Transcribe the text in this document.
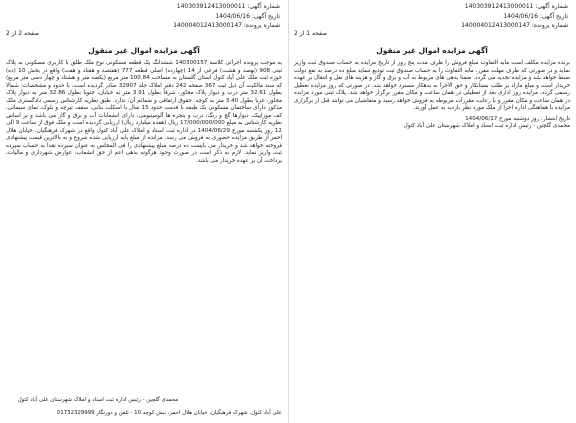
شماره آگهی: 140303912413000011
تاریخ آگهی: 1404/06/16
شماره پرونده: 140004012413000147
صفحه 1 از 2
آگهی مزایده اموال غیر منقول
برنده مزایده مکلف است مابه التفاوت مبلغ فروش را ظرف مدت پنج روز از تاریخ مزایده به حساب صندوق ثبت واریز نماید و در صورتی که ظرف مهلت مقرر، مابه التفاوت را به حساب صندوق ثبت تودیع ننماید مبلغ ده درصد به نفع دولت ضبط خواهد شد و مزایده تجدید می گردد. ضمنا بدهی های مربوط به آب و برق و گاز و هزینه های نقل و انتقال بر عهده خریدار است و مبلغ مازاد بر طلب بستانکار و حق الاجرا به بدهکار مسترد خواهد شد. در صورتی که روز مزایده تعطیل رسمی گردد، مزایده روز اداری بعد از تعطیلی در همان ساعت و مکان مقرر برگزار خواهد شد. پلاک ثبتی مورد مزایده در همان ساعت و مکان مقرر و با رعایت مقررات مربوطه به فروش خواهد رسید و متقاضیان می توانند قبل از برگزاری مزایده با هماهنگی اداره اجرا از ملک مورد نظر بازدید به عمل آورند.
تاریخ انتشار: روز دوشنبه مورخ 1404/06/17
محمدی گلچین - رئیس اداره ثبت اسناد و املاک شهرستان علی آباد کتول
شماره آگهی: 140303912413000011
تاریخ آگهی: 1404/06/16
شماره پرونده: 140004012413000147
صفحه 2 از 2
آگهی مزایده اموال غیر منقول
به موجب پرونده اجرائی کلاسه 140300157 ششدانگ یک قطعه مسکونی نوع ملک طلق با کاربری مسکونی به پلاک ثبتی 908 (نهصد و هشت) فرعی از 14 (چهارده) اصلی قطعه 777 (هفتصد و هفتاد و هفت) واقع در بخش 10 (ده) حوزه ثبت ملک علی آباد کتول استان گلستان به مساحت 100.84 متر مربع (یکصد متر و هشتاد و چهار دسی متر مربع) که سند مالکیت آن ذیل ثبت 367 صفحه 242 دفتر املاک جلد 32907 صادر گردیده است، با حدود و مشخصات: شمالا بطول 32.61 متر درب و دیوار پلاک مجاور، شرقا بطول 3.91 متر به خیابان، جنوبا بطول 32.86 متر به دیوار پلاک مجاور، غربا بطول 3.40 متر به کوچه. حقوق ارتفاقی و ضمائم آن: ندارد. طبق نظریه کارشناس رسمی دادگستری ملک مذکور دارای ساختمان مسکونی یک طبقه با قدمت حدود 15 سال با اسکلت بنایی، سقف تیرچه و بلوک، نمای سیمانی، کف موزاییک، دیوارها گچ و رنگ، درب و پنجره ها آلومینیومی، دارای انشعابات آب و برق و گاز می باشد و بر اساس نظریه کارشناس به مبلغ 17/000/000/000 ریال (هفده میلیارد ریال) ارزیابی گردیده است و ملک فوق از ساعت 9 الی 12 روز یکشنبه مورخ 1404/06/29 در اداره ثبت اسناد و املاک علی آباد کتول واقع در شهرک فرهنگیان، خیابان هلال احمر از طریق مزایده حضوری به فروش می رسد. مزایده از مبلغ پایه ارزیابی شده شروع و به بالاترین قیمت پیشنهادی فروخته خواهد شد و خریدار می بایست ده درصد مبلغ پیشنهادی را فی المجلس به عنوان سپرده نقدا به حساب سپرده ثبت واریز نماید. لازم به ذکر است در صورت وجود هرگونه بدهی اعم از حق انشعاب، عوارض شهرداری و مالیات، پرداخت آن بر عهده خریدار می باشد.
محمدی گلچین - رئیس اداره ثبت اسناد و املاک شهرستان علی آباد کتول
علی آباد کتول، شهرک فرهنگیان، خیابان هلال احمر، نبش کوچه 10 - تلفن و دورنگار 01732329999
